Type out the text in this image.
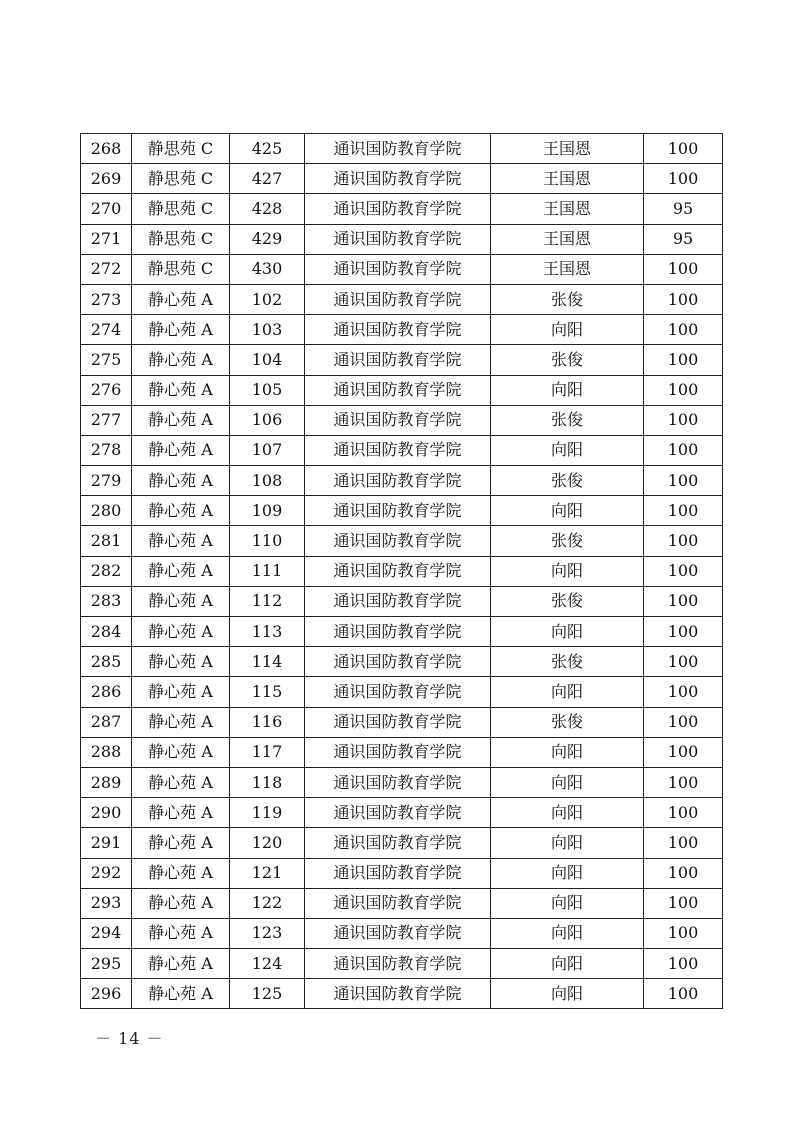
268	静思苑 C	425	通识国防教育学院	王国恩	100
269	静思苑 C	427	通识国防教育学院	王国恩	100
270	静思苑 C	428	通识国防教育学院	王国恩	95
271	静思苑 C	429	通识国防教育学院	王国恩	95
272	静思苑 C	430	通识国防教育学院	王国恩	100
273	静心苑 A	102	通识国防教育学院	张俊	100
274	静心苑 A	103	通识国防教育学院	向阳	100
275	静心苑 A	104	通识国防教育学院	张俊	100
276	静心苑 A	105	通识国防教育学院	向阳	100
277	静心苑 A	106	通识国防教育学院	张俊	100
278	静心苑 A	107	通识国防教育学院	向阳	100
279	静心苑 A	108	通识国防教育学院	张俊	100
280	静心苑 A	109	通识国防教育学院	向阳	100
281	静心苑 A	110	通识国防教育学院	张俊	100
282	静心苑 A	111	通识国防教育学院	向阳	100
283	静心苑 A	112	通识国防教育学院	张俊	100
284	静心苑 A	113	通识国防教育学院	向阳	100
285	静心苑 A	114	通识国防教育学院	张俊	100
286	静心苑 A	115	通识国防教育学院	向阳	100
287	静心苑 A	116	通识国防教育学院	张俊	100
288	静心苑 A	117	通识国防教育学院	向阳	100
289	静心苑 A	118	通识国防教育学院	向阳	100
290	静心苑 A	119	通识国防教育学院	向阳	100
291	静心苑 A	120	通识国防教育学院	向阳	100
292	静心苑 A	121	通识国防教育学院	向阳	100
293	静心苑 A	122	通识国防教育学院	向阳	100
294	静心苑 A	123	通识国防教育学院	向阳	100
295	静心苑 A	124	通识国防教育学院	向阳	100
296	静心苑 A	125	通识国防教育学院	向阳	100
－ 14 －
